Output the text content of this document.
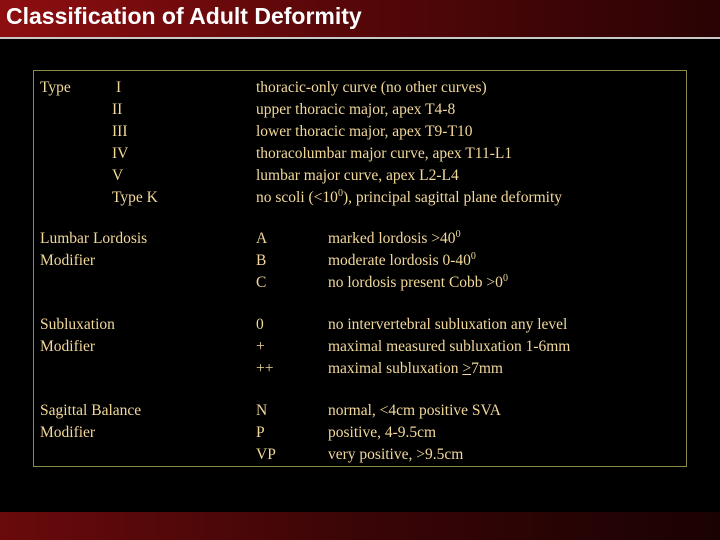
Classification of Adult Deformity
Type	I
II
III
IV
V
Type K
thoracic-only curve (no other curves)
upper thoracic major, apex T4-8
lower thoracic major, apex T9-T10
thoracolumbar major curve, apex T11-L1
lumbar major curve, apex L2-L4
no scoli $(<10^0)$, principal sagittal plane deformity
Lumbar Lordosis
Modifier
A
B
C
marked lordosis $>40^0$
moderate lordosis $0-40^0$
no lordosis present Cobb $>0^0$
Subluxation
Modifier
0
+
++
no intervertebral subluxation any level
maximal measured subluxation 1-6mm
maximal subluxation >7mm
Sagittal Balance
Modifier
N
P
VP
normal, <4cm positive SVA
positive, 4-9.5cm
very positive, >9.5cm
